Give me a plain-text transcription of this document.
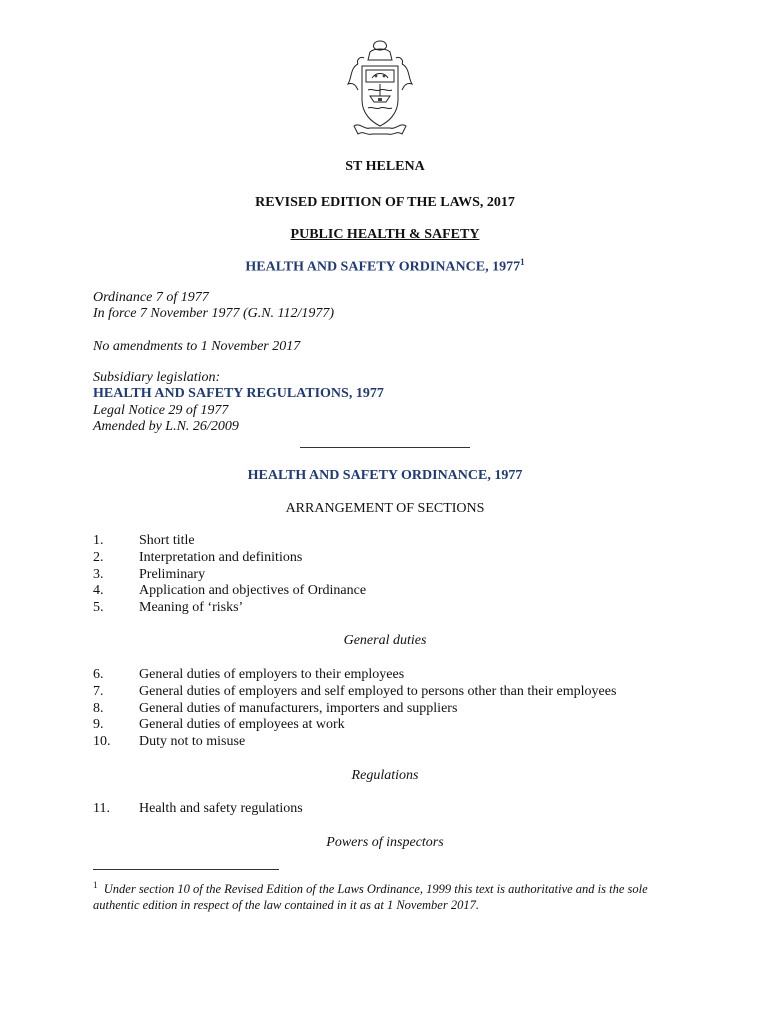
ST HELENA
REVISED EDITION OF THE LAWS, 2017
PUBLIC HEALTH & SAFETY
HEALTH AND SAFETY ORDINANCE, 1977$^1$
Ordinance 7 of 1977
In force 7 November 1977 (G.N. 112/1977)
No amendments to 1 November 2017
Subsidiary legislation:
HEALTH AND SAFETY REGULATIONS, 1977
Legal Notice 29 of 1977
Amended by L.N. 26/2009
HEALTH AND SAFETY ORDINANCE, 1977
ARRANGEMENT OF SECTIONS
1.	Short title
2.	Interpretation and definitions
3.	Preliminary
4.	Application and objectives of Ordinance
5.	Meaning of ‘risks’
General duties
6.	General duties of employers to their employees
7.	General duties of employers and self employed to persons other than their employees
8.	General duties of manufacturers, importers and suppliers
9.	General duties of employees at work
10.	Duty not to misuse
Regulations
11.	Health and safety regulations
Powers of inspectors
$^1$ Under section 10 of the Revised Edition of the Laws Ordinance, 1999 this text is authoritative and is the sole authentic edition in respect of the law contained in it as at 1 November 2017.
